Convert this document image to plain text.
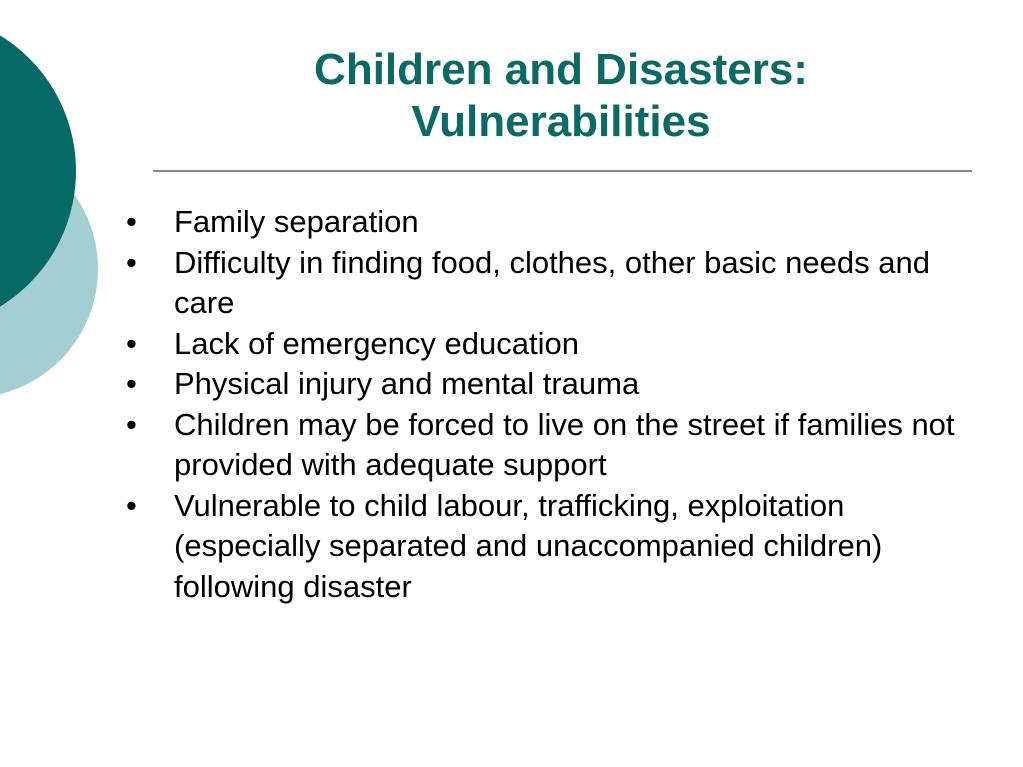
Children and Disasters:
Vulnerabilities
•	Family separation
•	Difficulty in finding food, clothes, other basic needs and care
•	Lack of emergency education
•	Physical injury and mental trauma
•	Children may be forced to live on the street if families not provided with adequate support
•	Vulnerable to child labour, trafficking, exploitation (especially separated and unaccompanied children) following disaster
